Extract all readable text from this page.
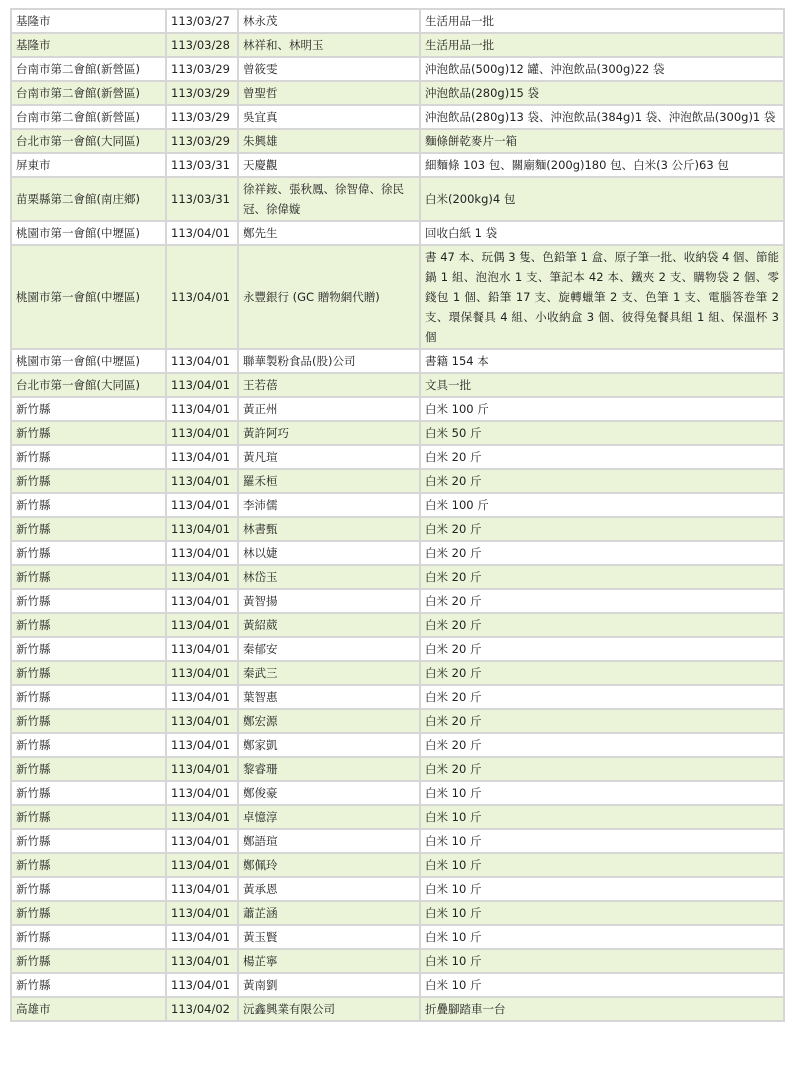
基隆市	113/03/27	林永茂	生活用品一批
基隆市	113/03/28	林祥和、林明玉	生活用品一批
台南市第二會館(新營區)	113/03/29	曾筱雯	沖泡飲品(500g)12 罐、沖泡飲品(300g)22 袋
台南市第二會館(新營區)	113/03/29	曾聖哲	沖泡飲品(280g)15 袋
台南市第二會館(新營區)	113/03/29	吳宜真	沖泡飲品(280g)13 袋、沖泡飲品(384g)1 袋、沖泡飲品(300g)1 袋
台北市第一會館(大同區)	113/03/29	朱興雄	麵條餅乾麥片一箱
屏東市	113/03/31	天慶觀	細麵條 103 包、關廟麵(200g)180 包、白米(3 公斤)63 包
苗栗縣第二會館(南庄鄉)	113/03/31	徐祥銨、張秋鳳、徐智偉、徐民冠、徐偉嫙	白米(200kg)4 包
桃園市第一會館(中壢區)	113/04/01	鄭先生	回收白紙 1 袋
桃園市第一會館(中壢區)	113/04/01	永豐銀行 (GC 贈物網代贈)	書 47 本、玩偶 3 隻、色鉛筆 1 盒、原子筆一批、收納袋 4 個、節能鍋 1 組、泡泡水 1 支、筆記本 42 本、鐵夾 2 支、購物袋 2 個、零錢包 1 個、鉛筆 17 支、旋轉蠟筆 2 支、色筆 1 支、電腦答卷筆 2 支、環保餐具 4 組、小收納盒 3 個、彼得兔餐具組 1 組、保溫杯 3 個
桃園市第一會館(中壢區)	113/04/01	聯華製粉食品(股)公司	書籍 154 本
台北市第一會館(大同區)	113/04/01	王若蓓	文具一批
新竹縣	113/04/01	黃正州	白米 100 斤
新竹縣	113/04/01	黃許阿巧	白米 50 斤
新竹縣	113/04/01	黃凡瑄	白米 20 斤
新竹縣	113/04/01	羅禾桓	白米 20 斤
新竹縣	113/04/01	李沛儒	白米 100 斤
新竹縣	113/04/01	林書甄	白米 20 斤
新竹縣	113/04/01	林以婕	白米 20 斤
新竹縣	113/04/01	林岱玉	白米 20 斤
新竹縣	113/04/01	黃智揚	白米 20 斤
新竹縣	113/04/01	黃紹葳	白米 20 斤
新竹縣	113/04/01	秦郁安	白米 20 斤
新竹縣	113/04/01	秦武三	白米 20 斤
新竹縣	113/04/01	葉智惠	白米 20 斤
新竹縣	113/04/01	鄭宏源	白米 20 斤
新竹縣	113/04/01	鄭家凱	白米 20 斤
新竹縣	113/04/01	黎睿珊	白米 20 斤
新竹縣	113/04/01	鄭俊豪	白米 10 斤
新竹縣	113/04/01	卓憶淳	白米 10 斤
新竹縣	113/04/01	鄭語瑄	白米 10 斤
新竹縣	113/04/01	鄭佩玲	白米 10 斤
新竹縣	113/04/01	黃承恩	白米 10 斤
新竹縣	113/04/01	蕭芷涵	白米 10 斤
新竹縣	113/04/01	黃玉賢	白米 10 斤
新竹縣	113/04/01	楊芷寧	白米 10 斤
新竹縣	113/04/01	黃南劉	白米 10 斤
高雄市	113/04/02	沅鑫興業有限公司	折疊腳踏車一台
